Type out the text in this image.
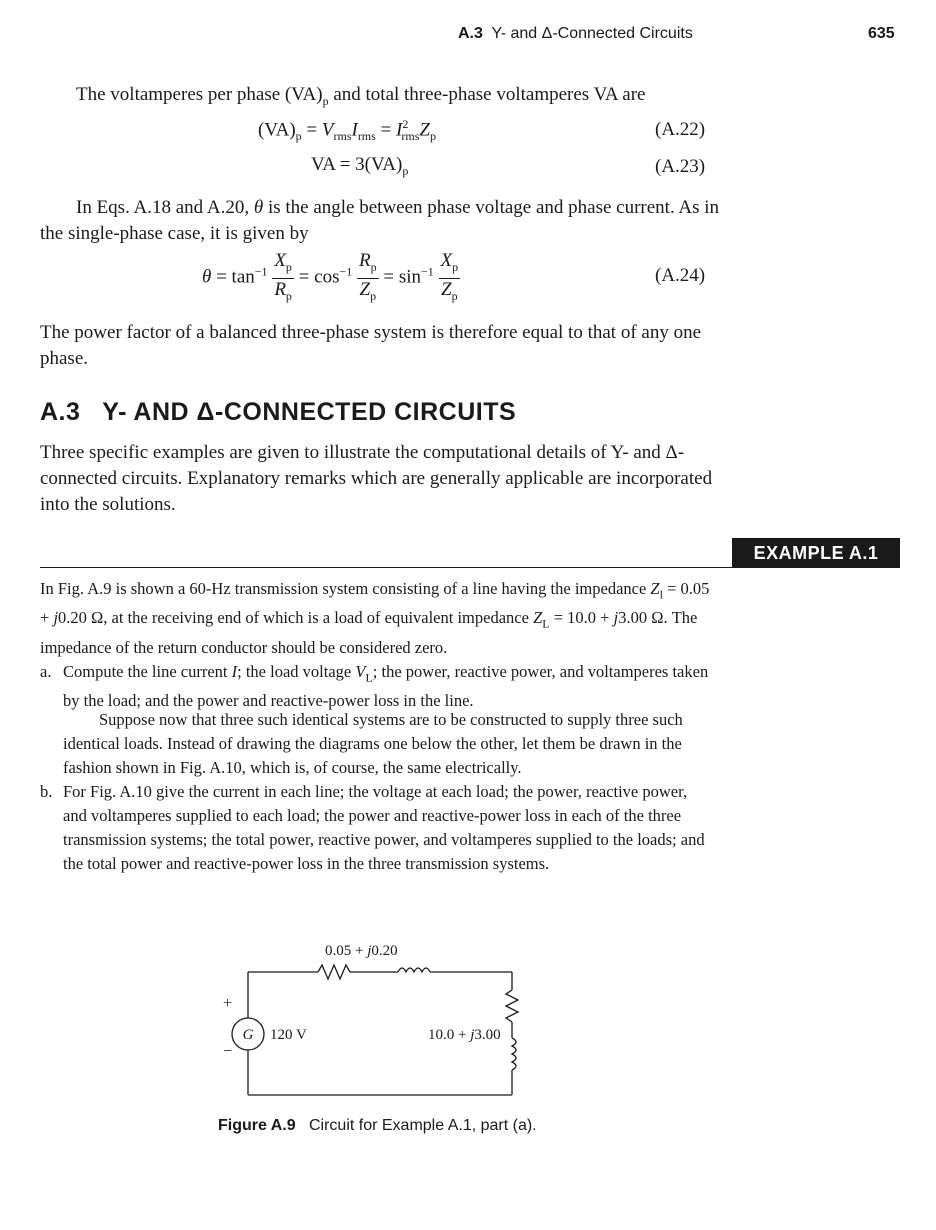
A.3 Y- and Δ-Connected Circuits	635
The voltamperes per phase $(VA)_p$ and total three-phase voltamperes VA are
$(VA)_p = V_{rms}I_{rms} = I^2_{rms}Z_p$	(A.22)
VA = $3(VA)_p$	(A.23)
In Eqs. A.18 and A.20, θ is the angle between phase voltage and phase current. As in the single-phase case, it is given by
$\theta = \tan^{-1} \frac{X_p}{R_p} = \cos^{-1} \frac{R_p}{Z_p} = \sin^{-1} \frac{X_p}{Z_p}$	(A.24)
The power factor of a balanced three-phase system is therefore equal to that of any one phase.
A.3 Y- AND Δ-CONNECTED CIRCUITS
Three specific examples are given to illustrate the computational details of Y- and Δ-connected circuits. Explanatory remarks which are generally applicable are incorporated into the solutions.
EXAMPLE A.1
In Fig. A.9 is shown a 60-Hz transmission system consisting of a line having the impedance $Z_l = 0.05 + j0.20$ Ω, at the receiving end of which is a load of equivalent impedance $Z_L = 10.0 + j3.00$ Ω. The impedance of the return conductor should be considered zero.
a. Compute the line current I; the load voltage $V_L$; the power, reactive power, and voltamperes taken by the load; and the power and reactive-power loss in the line.
Suppose now that three such identical systems are to be constructed to supply three such identical loads. Instead of drawing the diagrams one below the other, let them be drawn in the fashion shown in Fig. A.10, which is, of course, the same electrically.
b. For Fig. A.10 give the current in each line; the voltage at each load; the power, reactive power, and voltamperes supplied to each load; the power and reactive-power loss in each of the three transmission systems; the total power, reactive power, and voltamperes supplied to the loads; and the total power and reactive-power loss in the three transmission systems.
0.05 + j0.20
G 120 V	10.0 + j3.00
+
−
Figure A.9 Circuit for Example A.1, part (a).
